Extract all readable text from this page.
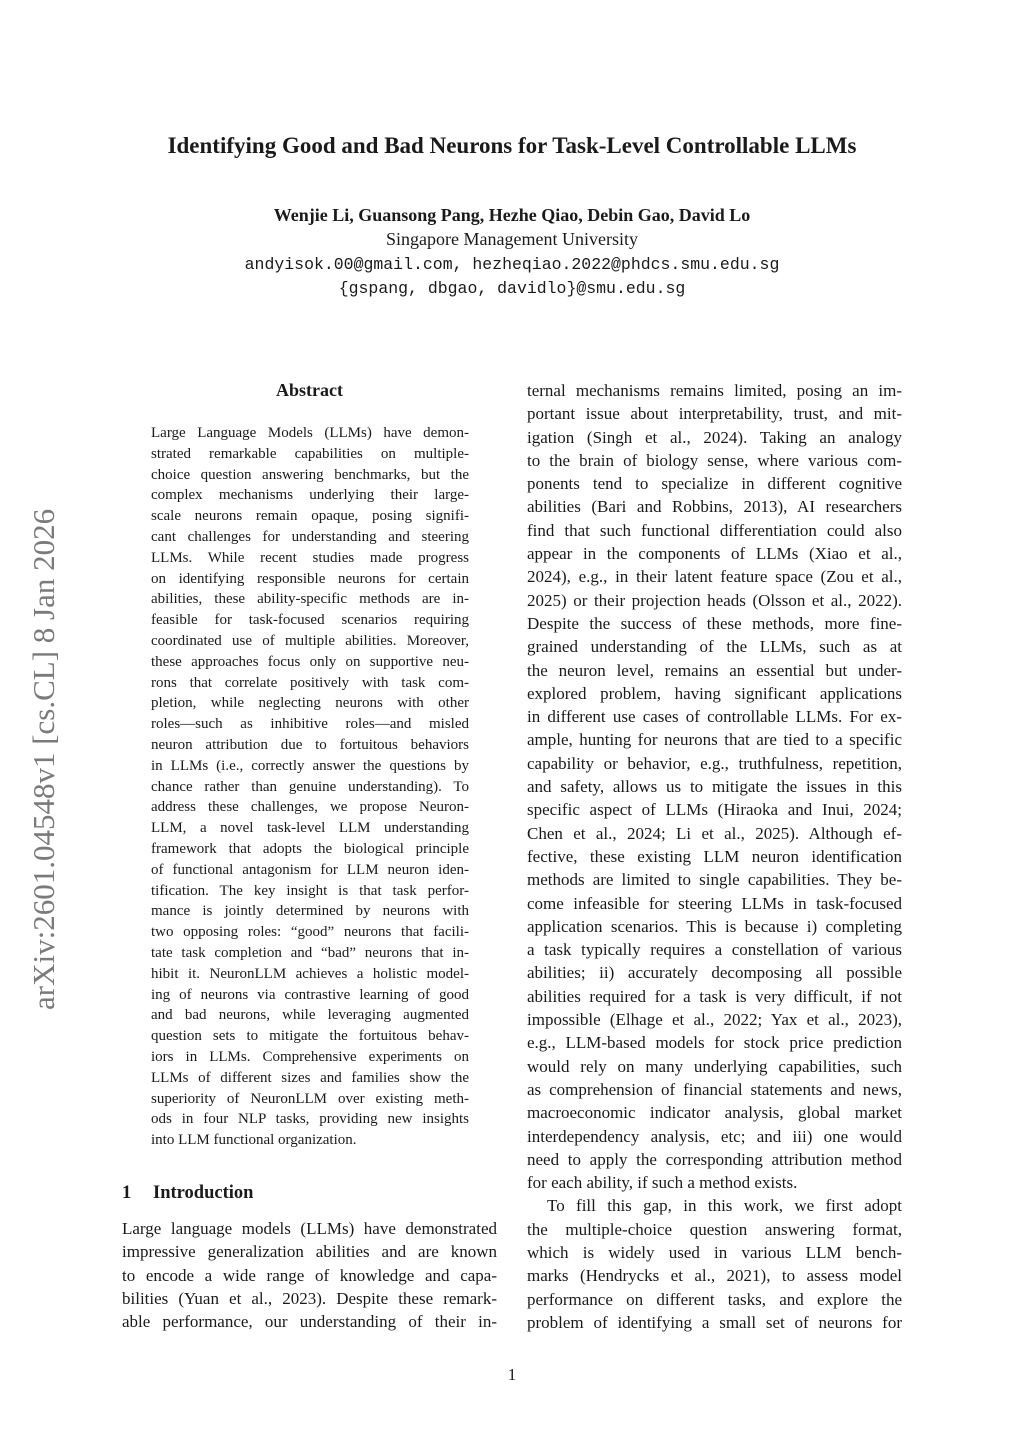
arXiv:2601.04548v1 [cs.CL] 8 Jan 2026
Identifying Good and Bad Neurons for Task-Level Controllable LLMs
Wenjie Li, Guansong Pang, Hezhe Qiao, Debin Gao, David Lo
Singapore Management University
andyisok.00@gmail.com, hezheqiao.2022@phdcs.smu.edu.sg
{gspang, dbgao, davidlo}@smu.edu.sg
Abstract
Large Language Models (LLMs) have demon-
strated remarkable capabilities on multiple-
choice question answering benchmarks, but the
complex mechanisms underlying their large-
scale neurons remain opaque, posing signifi-
cant challenges for understanding and steering
LLMs. While recent studies made progress
on identifying responsible neurons for certain
abilities, these ability-specific methods are in-
feasible for task-focused scenarios requiring
coordinated use of multiple abilities. Moreover,
these approaches focus only on supportive neu-
rons that correlate positively with task com-
pletion, while neglecting neurons with other
roles—such as inhibitive roles—and misled
neuron attribution due to fortuitous behaviors
in LLMs (i.e., correctly answer the questions by
chance rather than genuine understanding). To
address these challenges, we propose Neuron-
LLM, a novel task-level LLM understanding
framework that adopts the biological principle
of functional antagonism for LLM neuron iden-
tification. The key insight is that task perfor-
mance is jointly determined by neurons with
two opposing roles: “good” neurons that facili-
tate task completion and “bad” neurons that in-
hibit it. NeuronLLM achieves a holistic model-
ing of neurons via contrastive learning of good
and bad neurons, while leveraging augmented
question sets to mitigate the fortuitous behav-
iors in LLMs. Comprehensive experiments on
LLMs of different sizes and families show the
superiority of NeuronLLM over existing meth-
ods in four NLP tasks, providing new insights
into LLM functional organization.
1 Introduction
Large language models (LLMs) have demonstrated
impressive generalization abilities and are known
to encode a wide range of knowledge and capa-
bilities (Yuan et al., 2023). Despite these remark-
able performance, our understanding of their in-
ternal mechanisms remains limited, posing an im-
portant issue about interpretability, trust, and mit-
igation (Singh et al., 2024). Taking an analogy
to the brain of biology sense, where various com-
ponents tend to specialize in different cognitive
abilities (Bari and Robbins, 2013), AI researchers
find that such functional differentiation could also
appear in the components of LLMs (Xiao et al.,
2024), e.g., in their latent feature space (Zou et al.,
2025) or their projection heads (Olsson et al., 2022).
Despite the success of these methods, more fine-
grained understanding of the LLMs, such as at
the neuron level, remains an essential but under-
explored problem, having significant applications
in different use cases of controllable LLMs. For ex-
ample, hunting for neurons that are tied to a specific
capability or behavior, e.g., truthfulness, repetition,
and safety, allows us to mitigate the issues in this
specific aspect of LLMs (Hiraoka and Inui, 2024;
Chen et al., 2024; Li et al., 2025). Although ef-
fective, these existing LLM neuron identification
methods are limited to single capabilities. They be-
come infeasible for steering LLMs in task-focused
application scenarios. This is because i) completing
a task typically requires a constellation of various
abilities; ii) accurately decomposing all possible
abilities required for a task is very difficult, if not
impossible (Elhage et al., 2022; Yax et al., 2023),
e.g., LLM-based models for stock price prediction
would rely on many underlying capabilities, such
as comprehension of financial statements and news,
macroeconomic indicator analysis, global market
interdependency analysis, etc; and iii) one would
need to apply the corresponding attribution method
for each ability, if such a method exists.
To fill this gap, in this work, we first adopt
the multiple-choice question answering format,
which is widely used in various LLM bench-
marks (Hendrycks et al., 2021), to assess model
performance on different tasks, and explore the
problem of identifying a small set of neurons for
1
